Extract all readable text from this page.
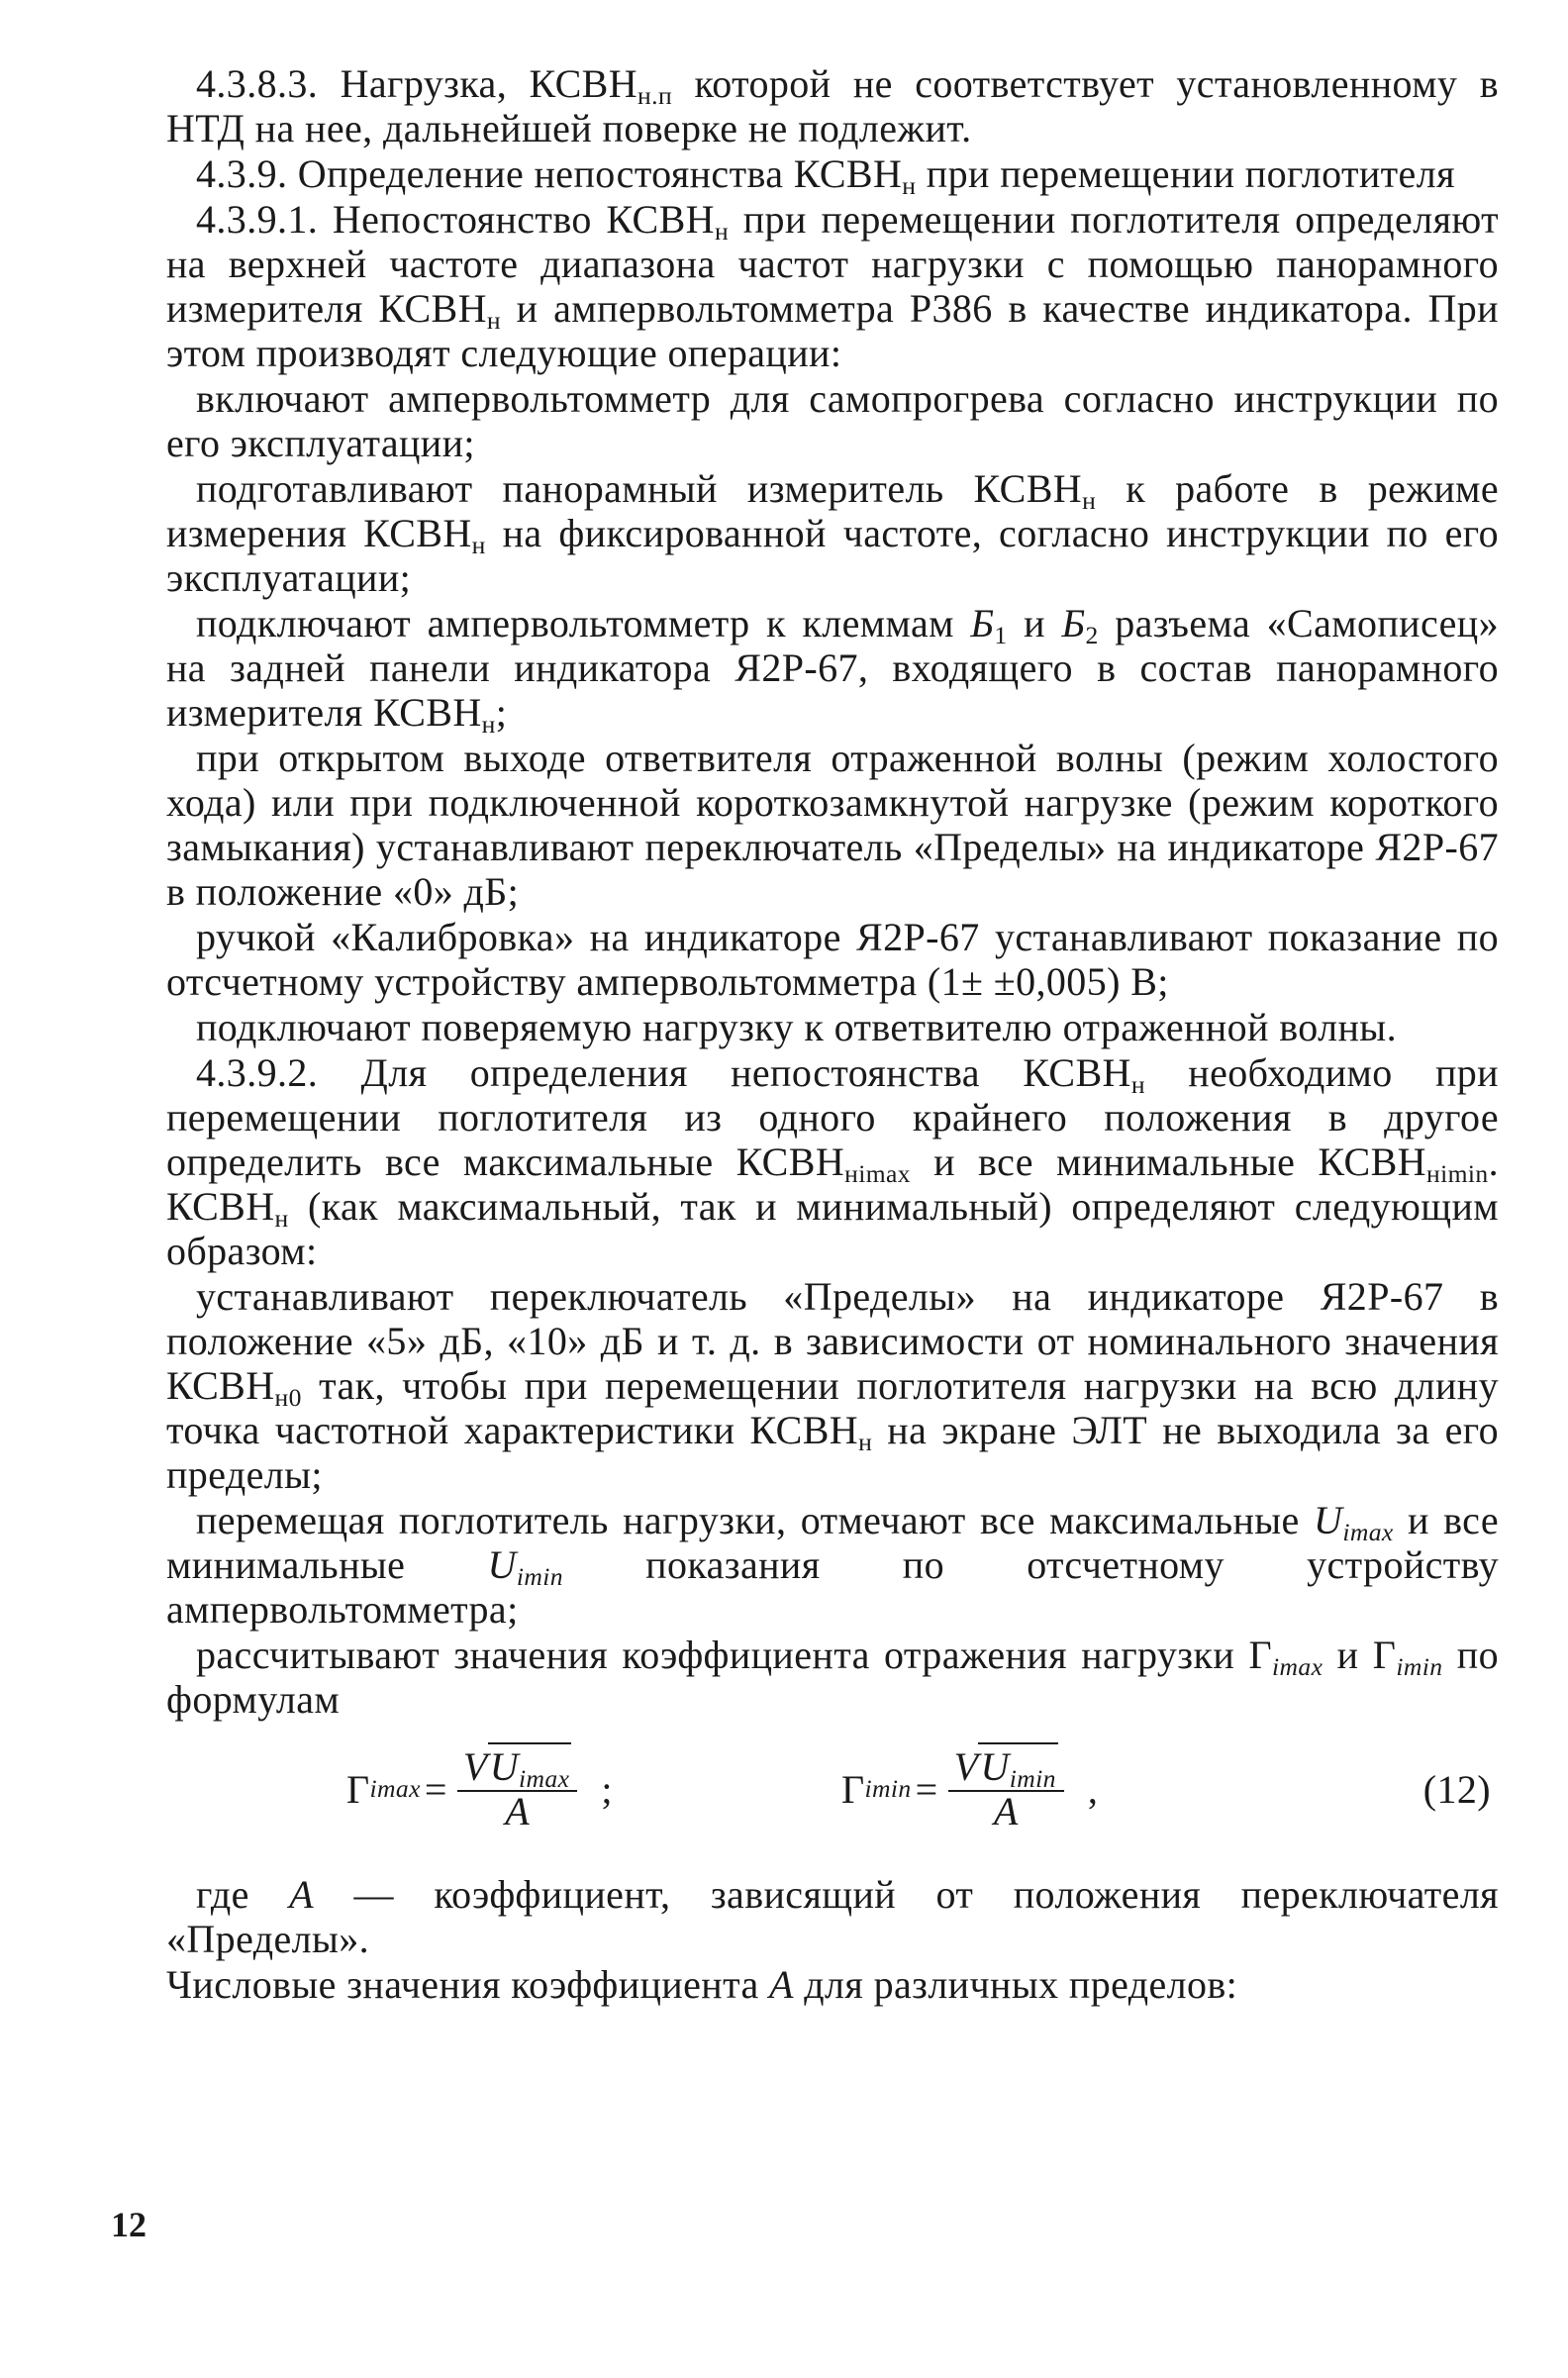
4.3.8.3. Нагрузка, $КСВН_{н.п}$ которой не соответствует установленному в НТД на нее, дальнейшей поверке не подлежит.

4.3.9. Определение непостоянства $КСВН_н$ при перемещении поглотителя

4.3.9.1. Непостоянство $КСВН_н$ при перемещении поглотителя определяют на верхней частоте диапазона частот нагрузки с помощью панорамного измерителя $КСВН_н$ и ампервольтомметра Р386 в качестве индикатора. При этом производят следующие операции:

включают ампервольтомметр для самопрогрева согласно инструкции по его эксплуатации;

подготавливают панорамный измеритель $КСВН_н$ к работе в режиме измерения $КСВН_н$ на фиксированной частоте, согласно инструкции по его эксплуатации;

подключают ампервольтомметр к клеммам $Б_1$ и $Б_2$ разъема «Самописец» на задней панели индикатора Я2Р-67, входящего в состав панорамного измерителя $КСВН_н$;

при открытом выходе ответвителя отраженной волны (режим холостого хода) или при подключенной короткозамкнутой нагрузке (режим короткого замыкания) устанавливают переключатель «Пределы» на индикаторе Я2Р-67 в положение «0» дБ;

ручкой «Калибровка» на индикаторе Я2Р-67 устанавливают показание по отсчетному устройству ампервольтомметра (1± ±0,005) В;

подключают поверяемую нагрузку к ответвителю отраженной волны.

4.3.9.2. Для определения непостоянства $КСВН_н$ необходимо при перемещении поглотителя из одного крайнего положения в другое определить все максимальные $КСВН_{нimax}$ и все минимальные $КСВН_{нimin}$. $КСВН_н$ (как максимальный, так и минимальный) определяют следующим образом:

устанавливают переключатель «Пределы» на индикаторе Я2Р-67 в положение «5» дБ, «10» дБ и т. д. в зависимости от номинального значения $КСВН_{н0}$ так, чтобы при перемещении поглотителя нагрузки на всю длину точка частотной характеристики $КСВН_н$ на экране ЭЛТ не выходила за его пределы;

перемещая поглотитель нагрузки, отмечают все максимальные $U_{imax}$ и все минимальные $U_{imin}$ показания по отсчетному устройству ампервольтомметра;

рассчитывают значения коэффициента отражения нагрузки $Г_{imax}$ и $Г_{imin}$ по формулам

Г $imax = \frac{VU_{imax}}{A}$ ;	Г $imin = \frac{VU_{imin}}{A}$ ,	(12)

где A — коэффициент, зависящий от положения переключателя «Пределы».

Числовые значения коэффициента A для различных пределов:

12
